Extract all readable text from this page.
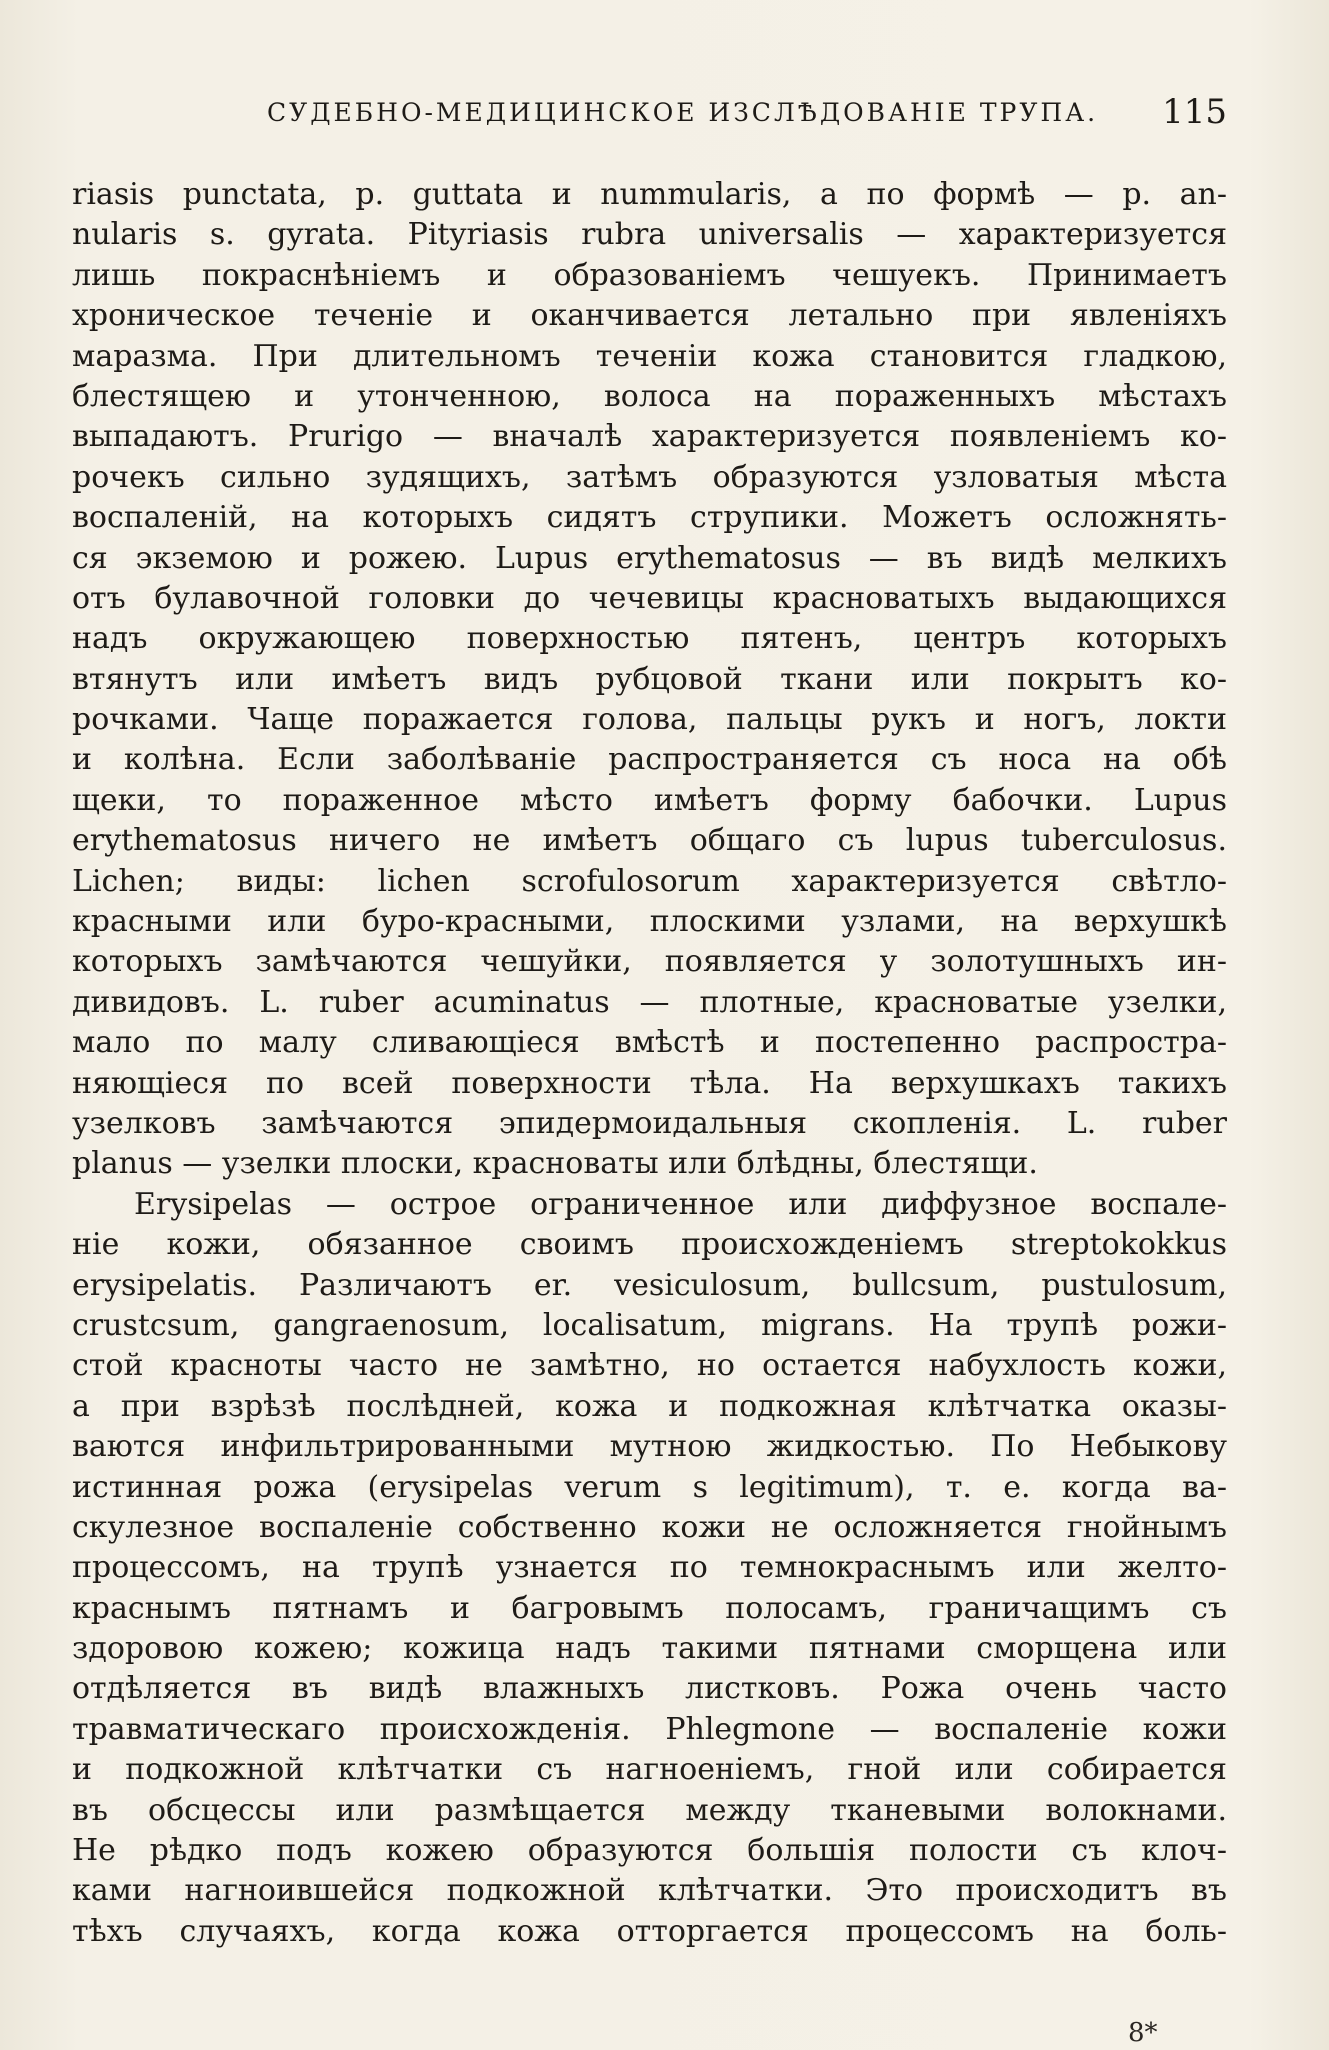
СУДЕБНО-МЕДИЦИНСКОЕ ИЗСЛѢДОВАНІЕ ТРУПА. 115
riasis punctata, p. guttata и nummularis, а по формѣ — p. an-
nularis s. gyrata. Pityriasis rubra universalis — характеризуется
лишь покраснѣніемъ и образованіемъ чешуекъ. Принимаетъ
хроническое теченіе и оканчивается летально при явленіяхъ
маразма. При длительномъ теченіи кожа становится гладкою,
блестящею и утонченною, волоса на пораженныхъ мѣстахъ
выпадаютъ. Prurigo — вначалѣ характеризуется появленіемъ ко-
рочекъ сильно зудящихъ, затѣмъ образуются узловатыя мѣста
воспаленій, на которыхъ сидятъ струпики. Можетъ осложнять-
ся экземою и рожею. Lupus erythematosus — въ видѣ мелкихъ
отъ булавочной головки до чечевицы красноватыхъ выдающихся
надъ окружающею поверхностью пятенъ, центръ которыхъ
втянутъ или имѣетъ видъ рубцовой ткани или покрытъ ко-
рочками. Чаще поражается голова, пальцы рукъ и ногъ, локти
и колѣна. Если заболѣваніе распространяется съ носа на обѣ
щеки, то пораженное мѣсто имѣетъ форму бабочки. Lupus
erythematosus ничего не имѣетъ общаго съ lupus tuberculosus.
Lichen; виды: lichen scrofulosorum характеризуется свѣтло-
красными или буро-красными, плоскими узлами, на верхушкѣ
которыхъ замѣчаются чешуйки, появляется у золотушныхъ ин-
дивидовъ. L. ruber acuminatus — плотные, красноватые узелки,
мало по малу сливающіеся вмѣстѣ и постепенно распростра-
няющіеся по всей поверхности тѣла. На верхушкахъ такихъ
узелковъ замѣчаются эпидермоидальныя скопленія. L. ruber
planus — узелки плоски, красноваты или блѣдны, блестящи.
Erysipelas — острое ограниченное или диффузное воспале-
ніе кожи, обязанное своимъ происхожденіемъ streptokokkus
erysipelatis. Различаютъ er. vesiculosum, bullcsum, pustulosum,
crustcsum, gangraenosum, localisatum, migrans. На трупѣ рожи-
стой красноты часто не замѣтно, но остается набухлость кожи,
а при взрѣзѣ послѣдней, кожа и подкожная клѣтчатка оказы-
ваются инфильтрированными мутною жидкостью. По Небыкову
истинная рожа (erysipelas verum s legitimum), т. е. когда ва-
скулезное воспаленіе собственно кожи не осложняется гнойнымъ
процессомъ, на трупѣ узнается по темнокраснымъ или желто-
краснымъ пятнамъ и багровымъ полосамъ, граничащимъ съ
здоровою кожею; кожица надъ такими пятнами сморщена или
отдѣляется въ видѣ влажныхъ листковъ. Рожа очень часто
травматическаго происхожденія. Phlegmone — воспаленіе кожи
и подкожной клѣтчатки съ нагноеніемъ, гной или собирается
въ обсцессы или размѣщается между тканевыми волокнами.
Не рѣдко подъ кожею образуются большія полости съ клоч-
ками нагноившейся подкожной клѣтчатки. Это происходитъ въ
тѣхъ случаяхъ, когда кожа отторгается процессомъ на боль-
8*
